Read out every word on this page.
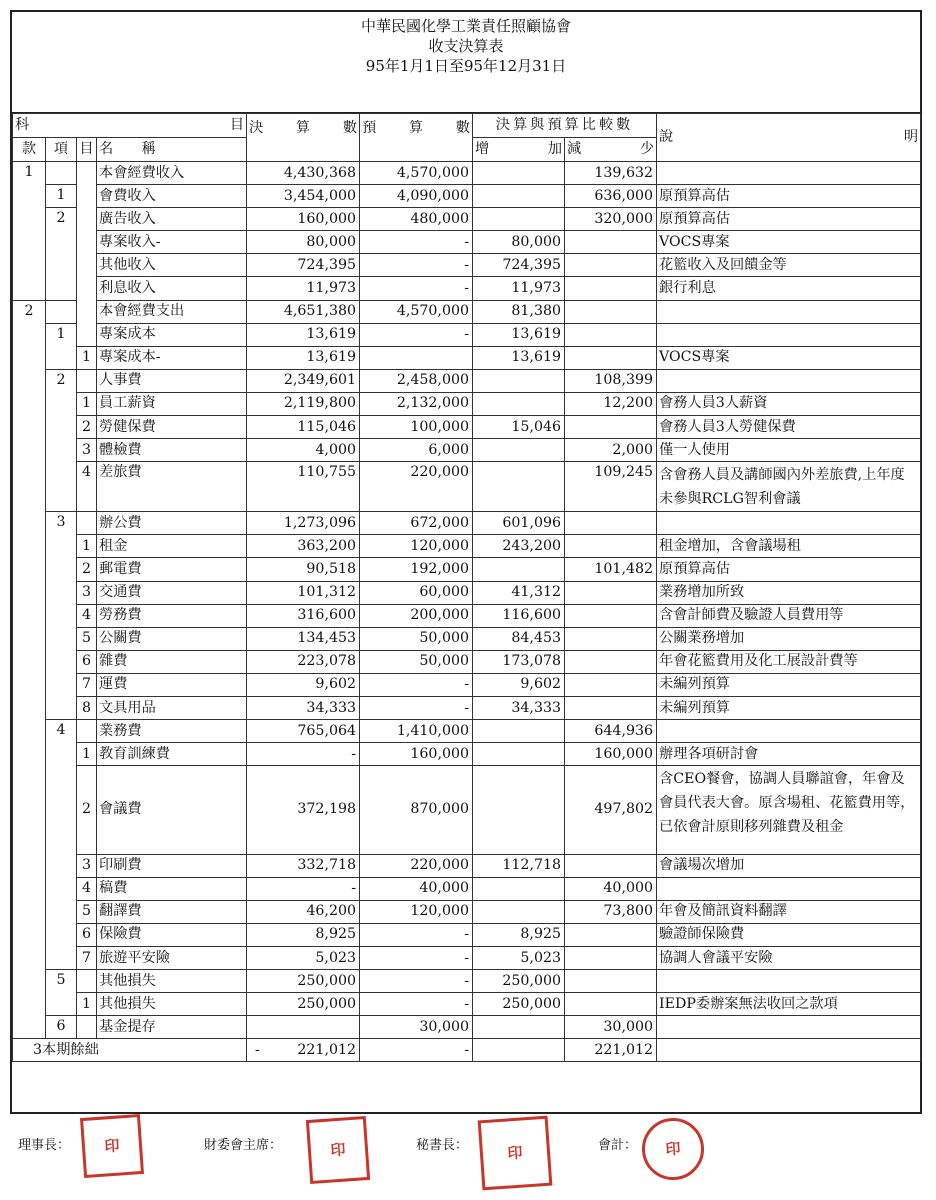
中華民國化學工業責任照顧協會
收支決算表
95年1月1日至95年12月31日
科 目				決 算 數	預 算 數	決算與預算比較數		說 明

款	項	目	名　　稱			增 加	減 少	

1			本會經費收入	4,430,368	4,570,000		139,632	
	1		會費收入	3,454,000	4,090,000		636,000	原預算高估
	2		廣告收入	160,000	480,000		320,000	原預算高估
			專案收入-	80,000	-	80,000		VOCS專案
			其他收入	724,395	-	724,395		花籃收入及回饋金等
			利息收入	11,973	-	11,973		銀行利息
2			本會經費支出	4,651,380	4,570,000	81,380		
	1		專案成本	13,619	-	13,619		
		1	專案成本-	13,619		13,619		VOCS專案
	2		人事費	2,349,601	2,458,000		108,399	
		1	員工薪資	2,119,800	2,132,000		12,200	會務人員3人薪資
		2	勞健保費	115,046	100,000	15,046		會務人員3人勞健保費
		3	體檢費	4,000	6,000		2,000	僅一人使用
		4	差旅費	110,755	220,000		109,245	含會務人員及講師國內外差旅費,上年度未參與RCLG智利會議
	3		辦公費	1,273,096	672,000	601,096		
		1	租金	363,200	120,000	243,200		租金增加，含會議場租
		2	郵電費	90,518	192,000		101,482	原預算高估
		3	交通費	101,312	60,000	41,312		業務增加所致
		4	勞務費	316,600	200,000	116,600		含會計師費及驗證人員費用等
		5	公關費	134,453	50,000	84,453		公關業務增加
		6	雜費	223,078	50,000	173,078		年會花籃費用及化工展設計費等
		7	運費	9,602	-	9,602		未編列預算
		8	文具用品	34,333	-	34,333		未編列預算
	4		業務費	765,064	1,410,000		644,936	
		1	教育訓練費	-	160,000		160,000	辦理各項研討會
		2	會議費	372,198	870,000		497,802	含CEO餐會，協調人員聯誼會，年會及會員代表大會。原含場租、花籃費用等，已依會計原則移列雜費及租金
		3	印刷費	332,718	220,000	112,718		會議場次增加
		4	稿費	-	40,000		40,000	
		5	翻譯費	46,200	120,000		73,800	年會及簡訊資料翻譯
		6	保險費	8,925	-	8,925		驗證師保險費
		7	旅遊平安險	5,023	-	5,023		協調人會議平安險
	5		其他損失	250,000	-	250,000		
		1	其他損失	250,000	-	250,000		IEDP委辦案無法收回之款項
	6		基金提存		30,000		30,000	
3本期餘絀				- 221,012	-		221,012	
理事長：	印	財委會主席：	印	秘書長：	印	會計：	印
